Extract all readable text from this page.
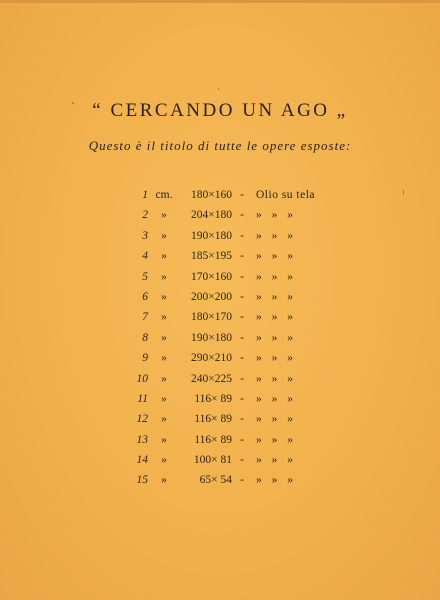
“ CERCANDO UN AGO „
Questo è il titolo di tutte le opere esposte:
1 cm.	180×160 -	Olio su tela
2	»	204×180 -	» » »
3	»	190×180 -	» » »
4	»	185×195 -	» » »
5	»	170×160 -	» » »
6	»	200×200 -	» » »
7	»	180×170 -	» » »
8	»	190×180 -	» » »
9	»	290×210 -	» » »
10	»	240×225 -	» » »
11	»	116× 89 -	» » »
12	»	116× 89 -	» » »
13	»	116× 89 -	» » »
14	»	100× 81 -	» » »
15	»	65× 54 -	» » »
